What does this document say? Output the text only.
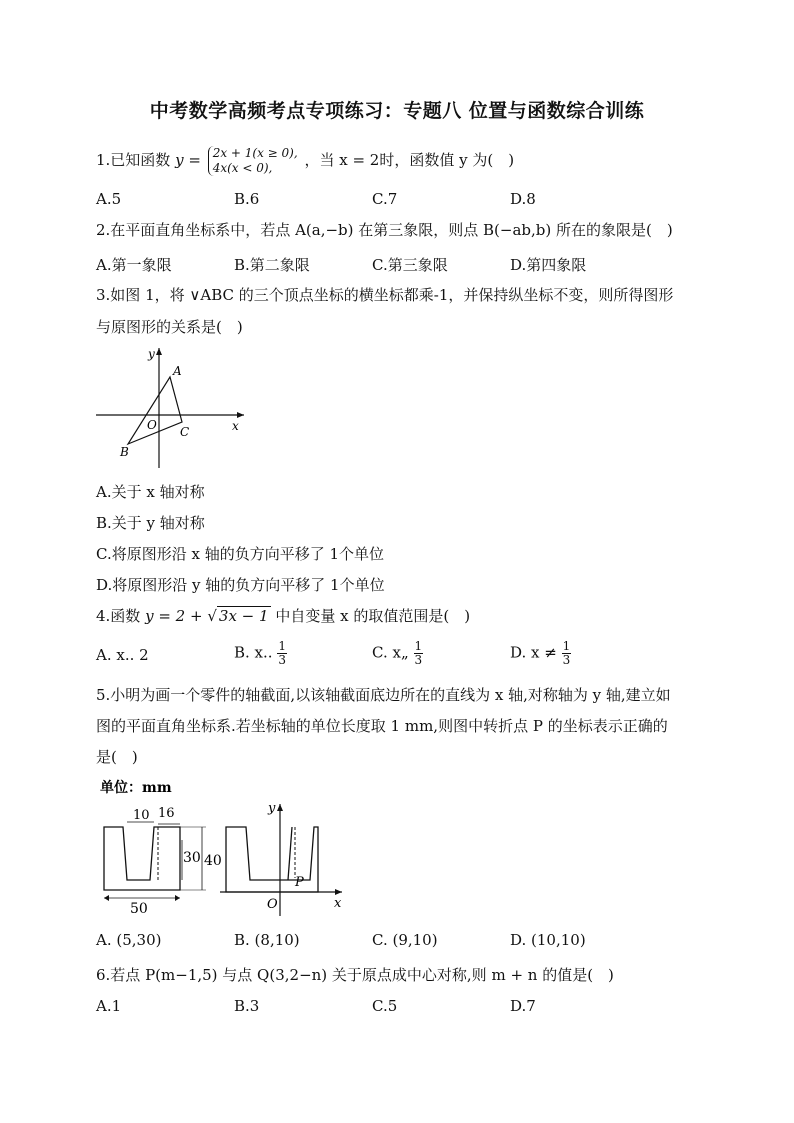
中考数学高频考点专项练习：专题八 位置与函数综合训练
1.已知函数 y = 2x + 1(x ≥ 0),
4x(x < 0),	，当 x = 2时，函数值 y 为(　)
A.5	B.6	C.7	D.8
2.在平面直角坐标系中，若点 A(a,−b) 在第三象限，则点 B(−ab,b) 所在的象限是(　)
A.第一象限	B.第二象限	C.第三象限	D.第四象限
3.如图 1，将 ∨ABC 的三个顶点坐标的横坐标都乘-1，并保持纵坐标不变，则所得图形
与原图形的关系是(　)
y
x
O
A
B
C
A.关于 x 轴对称
B.关于 y 轴对称
C.将原图形沿 x 轴的负方向平移了 1个单位
D.将原图形沿 y 轴的负方向平移了 1个单位
4.函数 y = 2 + √ 3x − 1 中自变量 x 的取值范围是(　)
A. x.. 2	B. x.. $\frac{1}{3}$	C. x„ $\frac{1}{3}$	D. $x \ne \frac{1}{3}$
5.小明为画一个零件的轴截面,以该轴截面底边所在的直线为 x 轴,对称轴为 y 轴,建立如
图的平面直角坐标系.若坐标轴的单位长度取 1 mm,则图中转折点 P 的坐标表示正确的
是(　)
单位：mm
10 16
30 40
50
y
x
O
P
A. (5,30)	B. (8,10)	C. (9,10)	D. (10,10)
6.若点 P(m−1,5) 与点 Q(3,2−n) 关于原点成中心对称,则 m + n 的值是(　)
A.1	B.3	C.5	D.7
